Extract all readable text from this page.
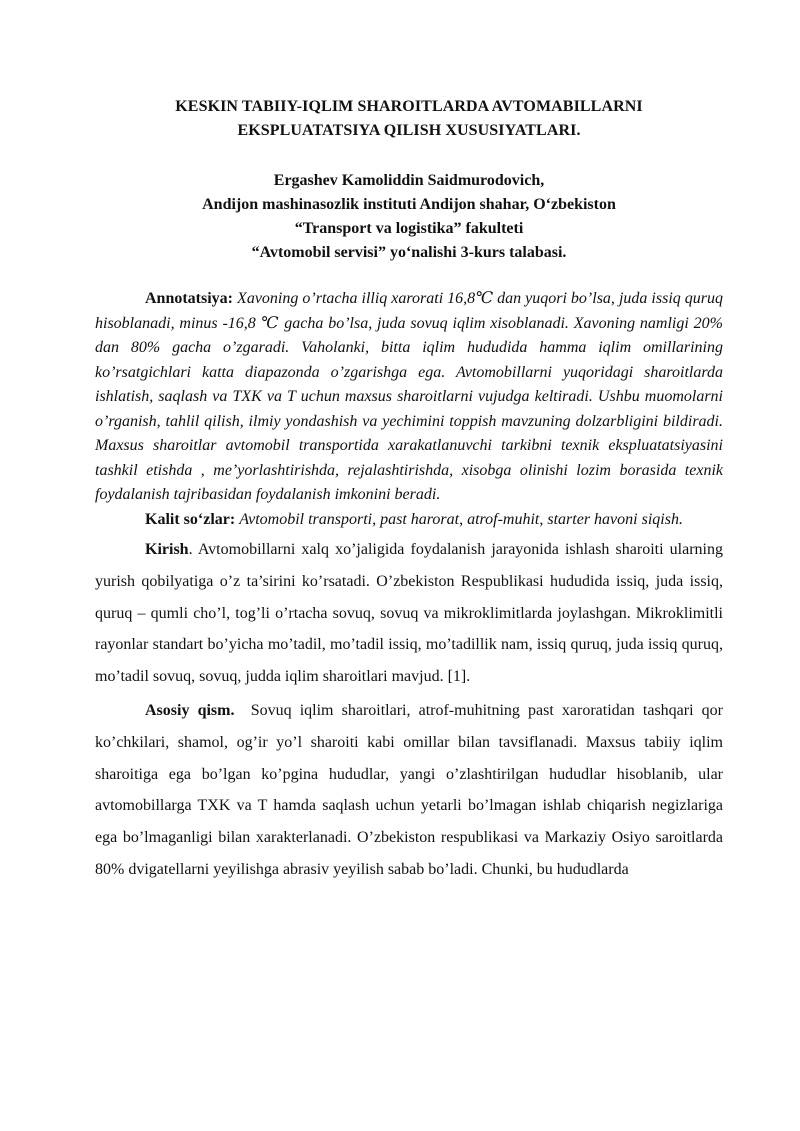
KESKIN TABIIY-IQLIM SHAROITLARDA AVTOMABILLARNI
EKSPLUATATSIYA QILISH XUSUSIYATLARI.
Ergashev Kamoliddin Saidmurodovich,
Andijon mashinasozlik instituti Andijon shahar, O‘zbekiston
“Transport va logistika” fakulteti
“Avtomobil servisi” yo‘nalishi 3-kurs talabasi.

Annotatsiya: Xavoning o’rtacha illiq xarorati 16,8℃ dan yuqori bo’lsa, juda issiq quruq hisoblanadi, minus -16,8 ℃ gacha bo’lsa, juda sovuq iqlim xisoblanadi. Xavoning namligi 20% dan 80% gacha o’zgaradi. Vaholanki, bitta iqlim hududida hamma iqlim omillarining ko’rsatgichlari katta diapazonda o’zgarishga ega. Avtomobillarni yuqoridagi sharoitlarda ishlatish, saqlash va TXK va T uchun maxsus sharoitlarni vujudga keltiradi. Ushbu muomolarni o’rganish, tahlil qilish, ilmiy yondashish va yechimini toppish mavzuning dolzarbligini bildiradi. Maxsus sharoitlar avtomobil transportida xarakatlanuvchi tarkibni texnik ekspluatatsiyasini tashkil etishda , me’yorlashtirishda, rejalashtirishda, xisobga olinishi lozim borasida texnik foydalanish tajribasidan foydalanish imkonini beradi.

Kalit so‘zlar: Avtomobil transporti, past harorat, atrof-muhit, starter havoni siqish.

Kirish. Avtomobillarni xalq xo’jaligida foydalanish jarayonida ishlash sharoiti ularning yurish qobilyatiga o’z ta’sirini ko’rsatadi. O’zbekiston Respublikasi hududida issiq, juda issiq, quruq – qumli cho’l, tog’li o’rtacha sovuq, sovuq va mikroklimitlarda joylashgan. Mikroklimitli rayonlar standart bo’yicha mo’tadil, mo’tadil issiq, mo’tadillik nam, issiq quruq, juda issiq quruq, mo’tadil sovuq, sovuq, judda iqlim sharoitlari mavjud. [1].

Asosiy qism. Sovuq iqlim sharoitlari, atrof-muhitning past xaroratidan tashqari qor ko’chkilari, shamol, og’ir yo’l sharoiti kabi omillar bilan tavsiflanadi. Maxsus tabiiy iqlim sharoitiga ega bo’lgan ko’pgina hududlar, yangi o’zlashtirilgan hududlar hisoblanib, ular avtomobillarga TXK va T hamda saqlash uchun yetarli bo’lmagan ishlab chiqarish negizlariga ega bo’lmaganligi bilan xarakterlanadi. O’zbekiston respublikasi va Markaziy Osiyo saroitlarda 80% dvigatellarni yeyilishga abrasiv yeyilish sabab bo’ladi. Chunki, bu hududlarda
